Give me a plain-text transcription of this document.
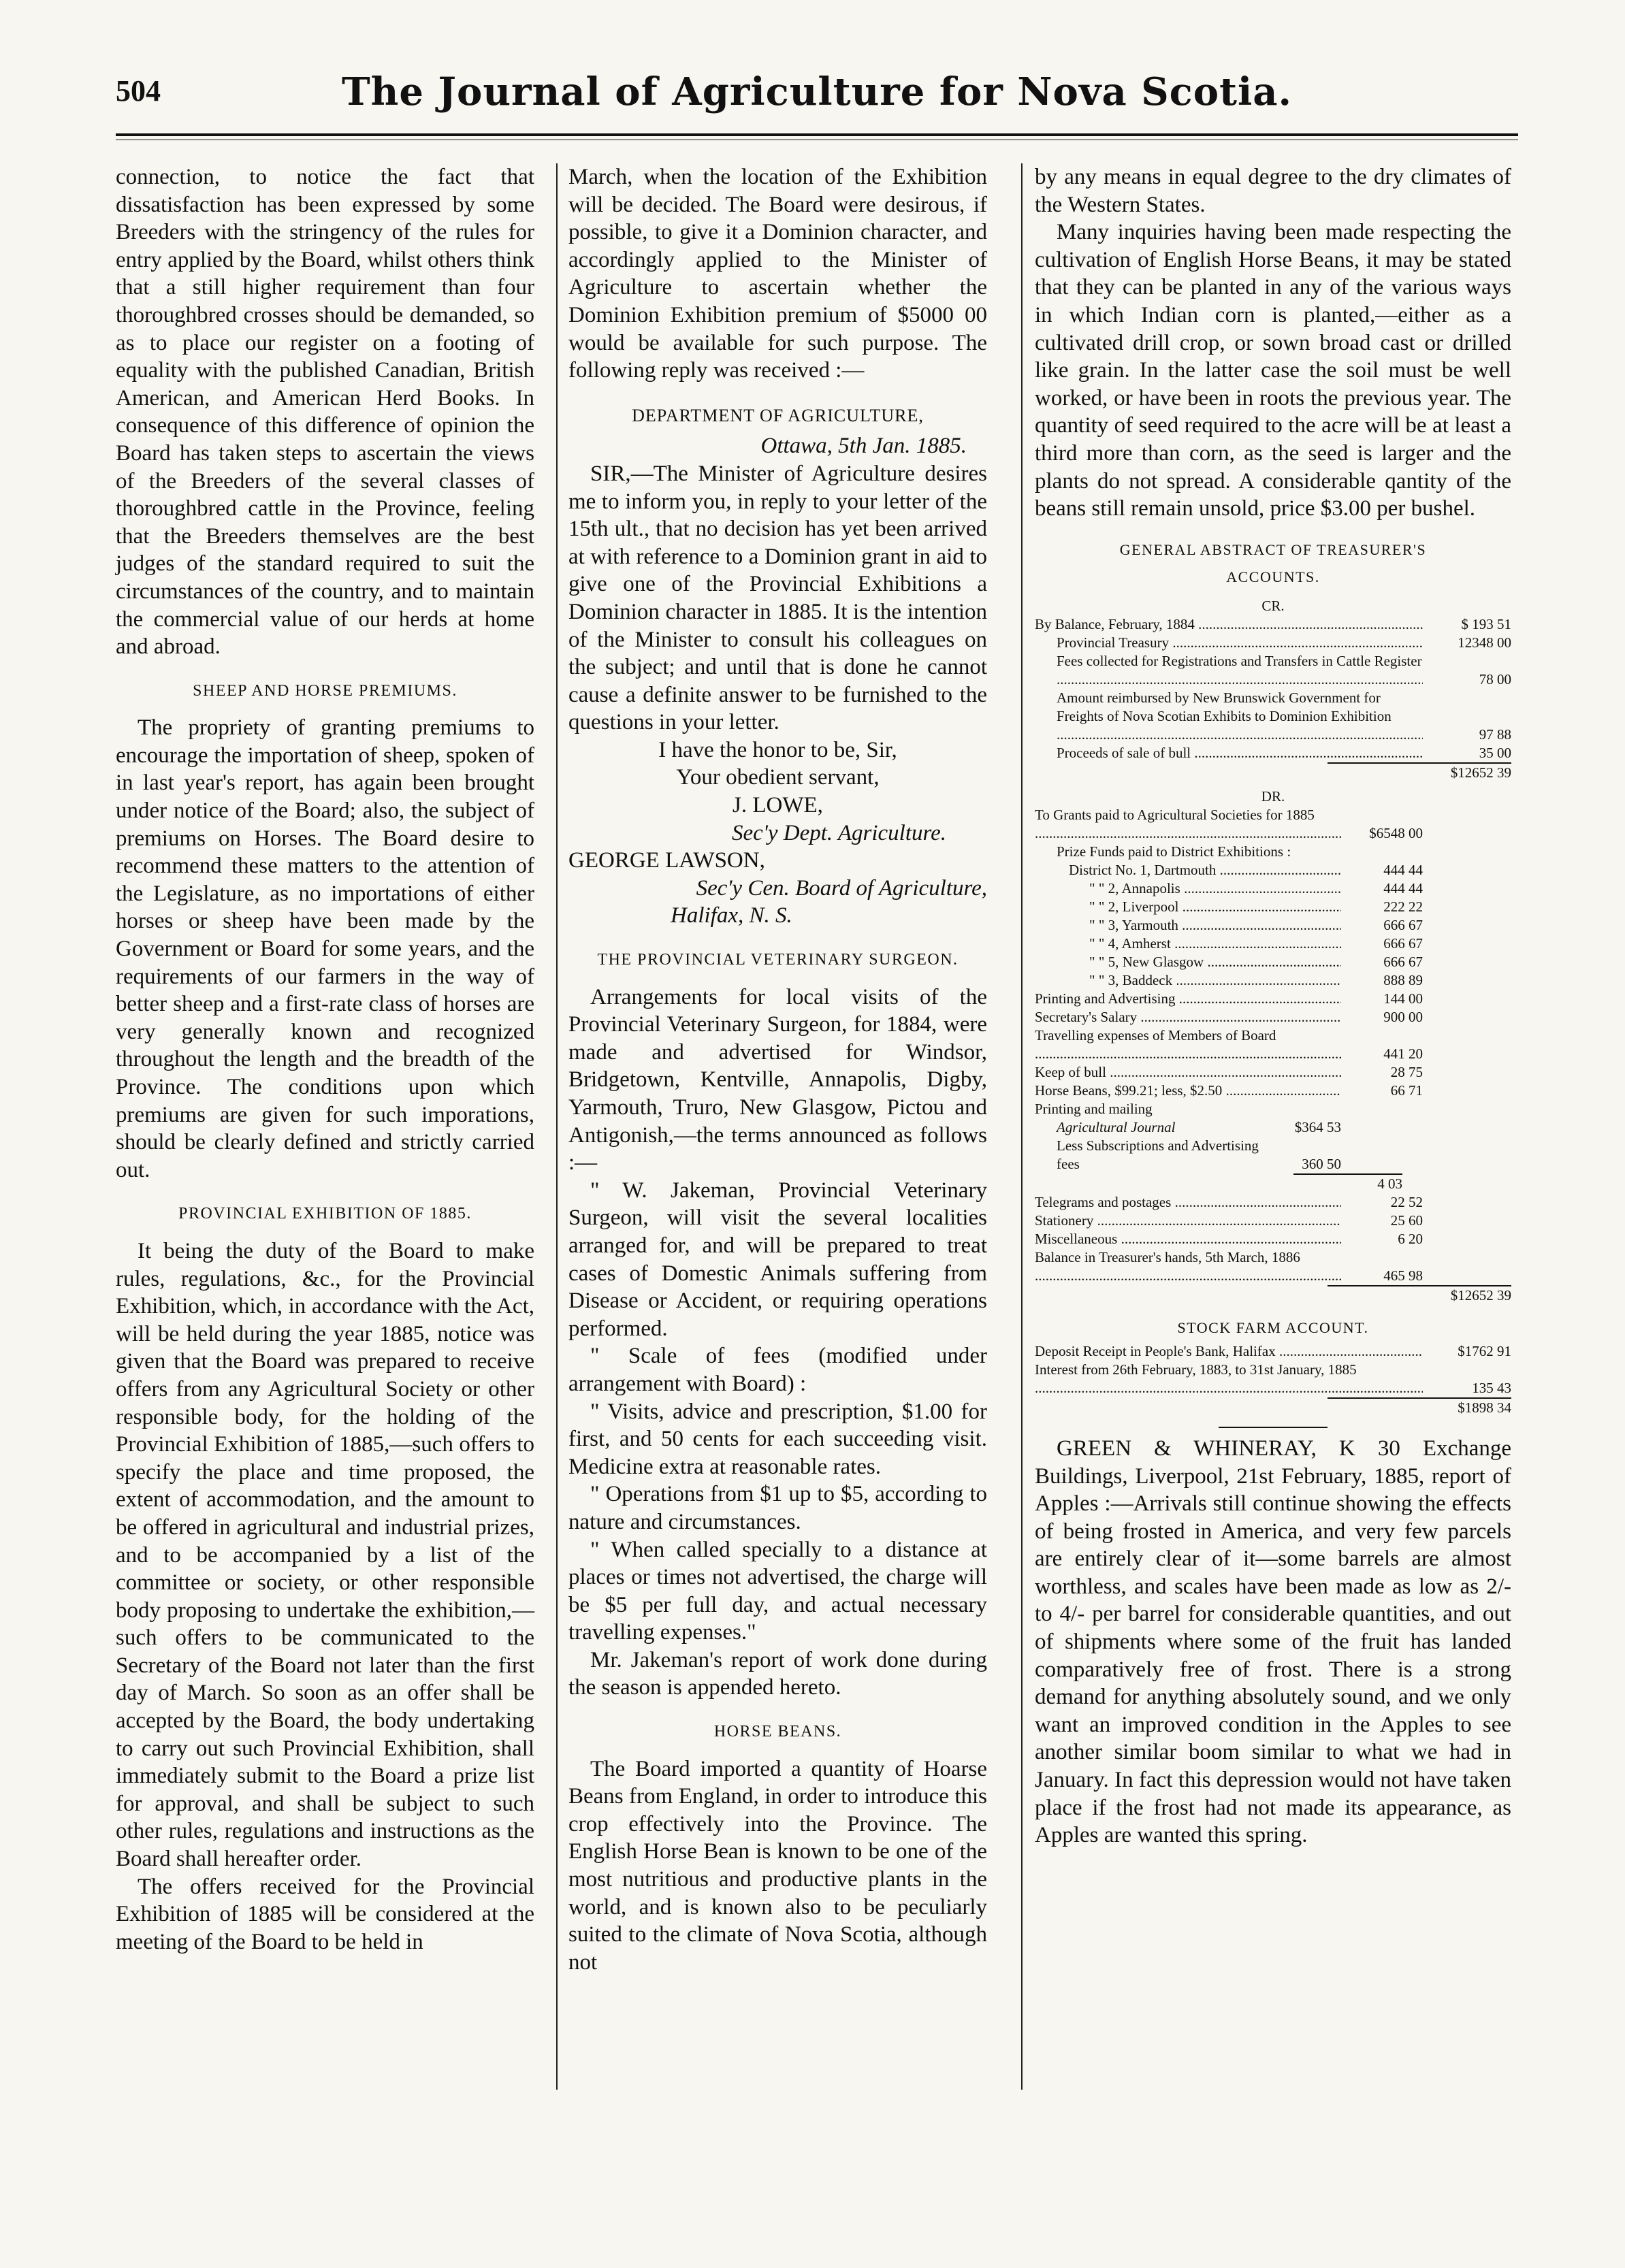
504	The Journal of Agriculture for Nova Scotia.

connection, to notice the fact that dissatisfaction has been expressed by some Breeders with the stringency of the rules for entry applied by the Board, whilst others think that a still higher requirement than four thoroughbred crosses should be demanded, so as to place our register on a footing of equality with the published Canadian, British American, and American Herd Books. In consequence of this difference of opinion the Board has taken steps to ascertain the views of the Breeders of the several classes of thoroughbred cattle in the Province, feeling that the Breeders themselves are the best judges of the standard required to suit the circumstances of the country, and to maintain the commercial value of our herds at home and abroad.

SHEEP AND HORSE PREMIUMS.

The propriety of granting premiums to encourage the importation of sheep, spoken of in last year's report, has again been brought under notice of the Board; also, the subject of premiums on Horses. The Board desire to recommend these matters to the attention of the Legislature, as no importations of either horses or sheep have been made by the Government or Board for some years, and the requirements of our farmers in the way of better sheep and a first-rate class of horses are very generally known and recognized throughout the length and the breadth of the Province. The conditions upon which premiums are given for such imporations, should be clearly defined and strictly carried out.

PROVINCIAL EXHIBITION OF 1885.

It being the duty of the Board to make rules, regulations, &c., for the Provincial Exhibition, which, in accordance with the Act, will be held during the year 1885, notice was given that the Board was prepared to receive offers from any Agricultural Society or other responsible body, for the holding of the Provincial Exhibition of 1885,—such offers to specify the place and time proposed, the extent of accommodation, and the amount to be offered in agricultural and industrial prizes, and to be accompanied by a list of the committee or society, or other responsible body proposing to undertake the exhibition,—such offers to be communicated to the Secretary of the Board not later than the first day of March. So soon as an offer shall be accepted by the Board, the body undertaking to carry out such Provincial Exhibition, shall immediately submit to the Board a prize list for approval, and shall be subject to such other rules, regulations and instructions as the Board shall hereafter order.

The offers received for the Provincial Exhibition of 1885 will be considered at the meeting of the Board to be held in

March, when the location of the Exhibition will be decided. The Board were desirous, if possible, to give it a Dominion character, and accordingly applied to the Minister of Agriculture to ascertain whether the Dominion Exhibition premium of $5000 00 would be available for such purpose. The following reply was received :—

DEPARTMENT OF AGRICULTURE,
Ottawa, 5th Jan. 1885.

SIR,—The Minister of Agriculture desires me to inform you, in reply to your letter of the 15th ult., that no decision has yet been arrived at with reference to a Dominion grant in aid to give one of the Provincial Exhibitions a Dominion character in 1885. It is the intention of the Minister to consult his colleagues on the subject; and until that is done he cannot cause a definite answer to be furnished to the questions in your letter.

I have the honor to be, Sir,
Your obedient servant,
J. LOWE,
Sec'y Dept. Agriculture.
GEORGE LAWSON,
Sec'y Cen. Board of Agriculture,
Halifax, N. S.
THE PROVINCIAL VETERINARY SURGEON.

Arrangements for local visits of the Provincial Veterinary Surgeon, for 1884, were made and advertised for Windsor, Bridgetown, Kentville, Annapolis, Digby, Yarmouth, Truro, New Glasgow, Pictou and Antigonish,—the terms announced as follows :—

" W. Jakeman, Provincial Veterinary Surgeon, will visit the several localities arranged for, and will be prepared to treat cases of Domestic Animals suffering from Disease or Accident, or requiring operations performed.

" Scale of fees (modified under arrangement with Board) :

" Visits, advice and prescription, $1.00 for first, and 50 cents for each succeeding visit. Medicine extra at reasonable rates.

" Operations from $1 up to $5, according to nature and circumstances.

" When called specially to a distance at places or times not advertised, the charge will be $5 per full day, and actual necessary travelling expenses."

Mr. Jakeman's report of work done during the season is appended hereto.

HORSE BEANS.

The Board imported a quantity of Hoarse Beans from England, in order to introduce this crop effectively into the Province. The English Horse Bean is known to be one of the most nutritious and productive plants in the world, and is known also to be peculiarly suited to the climate of Nova Scotia, although not

by any means in equal degree to the dry climates of the Western States.

Many inquiries having been made respecting the cultivation of English Horse Beans, it may be stated that they can be planted in any of the various ways in which Indian corn is planted,—either as a cultivated drill crop, or sown broad cast or drilled like grain. In the latter case the soil must be well worked, or have been in roots the previous year. The quantity of seed required to the acre will be at least a third more than corn, as the seed is larger and the plants do not spread. A considerable qantity of the beans still remain unsold, price $3.00 per bushel.

GENERAL ABSTRACT OF TREASURER'S
ACCOUNTS.
CR.
By Balance, February, 1884 .....	$ 193 51
Provincial Treasury .....	12348 00
Fees collected for Registrations and Transfers in Cattle Register .....
78 00
Amount reimbursed by New Brunswick Government for Freights of Nova Scotian Exhibits to Dominion Exhibition .....
97 88
Proceeds of sale of bull .....	35 00
$12652 39
DR.
To Grants paid to Agricultural Societies for 1885 .....
$6548 00
Prize Funds paid to District Exhibitions :
District No. 1, Dartmouth .....	444 44
" " 2, Annapolis .....	444 44
" " 2, Liverpool .....	222 22
" " 3, Yarmouth .....	666 67
" " 4, Amherst .....	666 67
" " 5, New Glasgow .....	666 67
" " 3, Baddeck .....	888 89
Printing and Advertising .....	144 00
Secretary's Salary .....	900 00
Travelling expenses of Members of Board .....
441 20
Keep of bull .....	28 75
Horse Beans, $99.21; less, $2.50 .....	66 71
Printing and mailing
Agricultural Journal	$364 53
Less Subscriptions and Advertising fees	360 50
4 03
Telegrams and postages .....	22 52
Stationery .....	25 60
Miscellaneous .....	6 20
Balance in Treasurer's hands, 5th March, 1886 .....
465 98
$12652 39
STOCK FARM ACCOUNT.
Deposit Receipt in People's Bank, Halifax .....	$1762 91
Interest from 26th February, 1883, to 31st January, 1885 .....
135 43
$1898 34

GREEN & WHINERAY, K 30 Exchange Buildings, Liverpool, 21st February, 1885, report of Apples :—Arrivals still continue showing the effects of being frosted in America, and very few parcels are entirely clear of it—some barrels are almost worthless, and scales have been made as low as 2/- to 4/- per barrel for considerable quantities, and out of shipments where some of the fruit has landed comparatively free of frost. There is a strong demand for anything absolutely sound, and we only want an improved condition in the Apples to see another similar boom similar to what we had in January. In fact this depression would not have taken place if the frost had not made its appearance, as Apples are wanted this spring.
